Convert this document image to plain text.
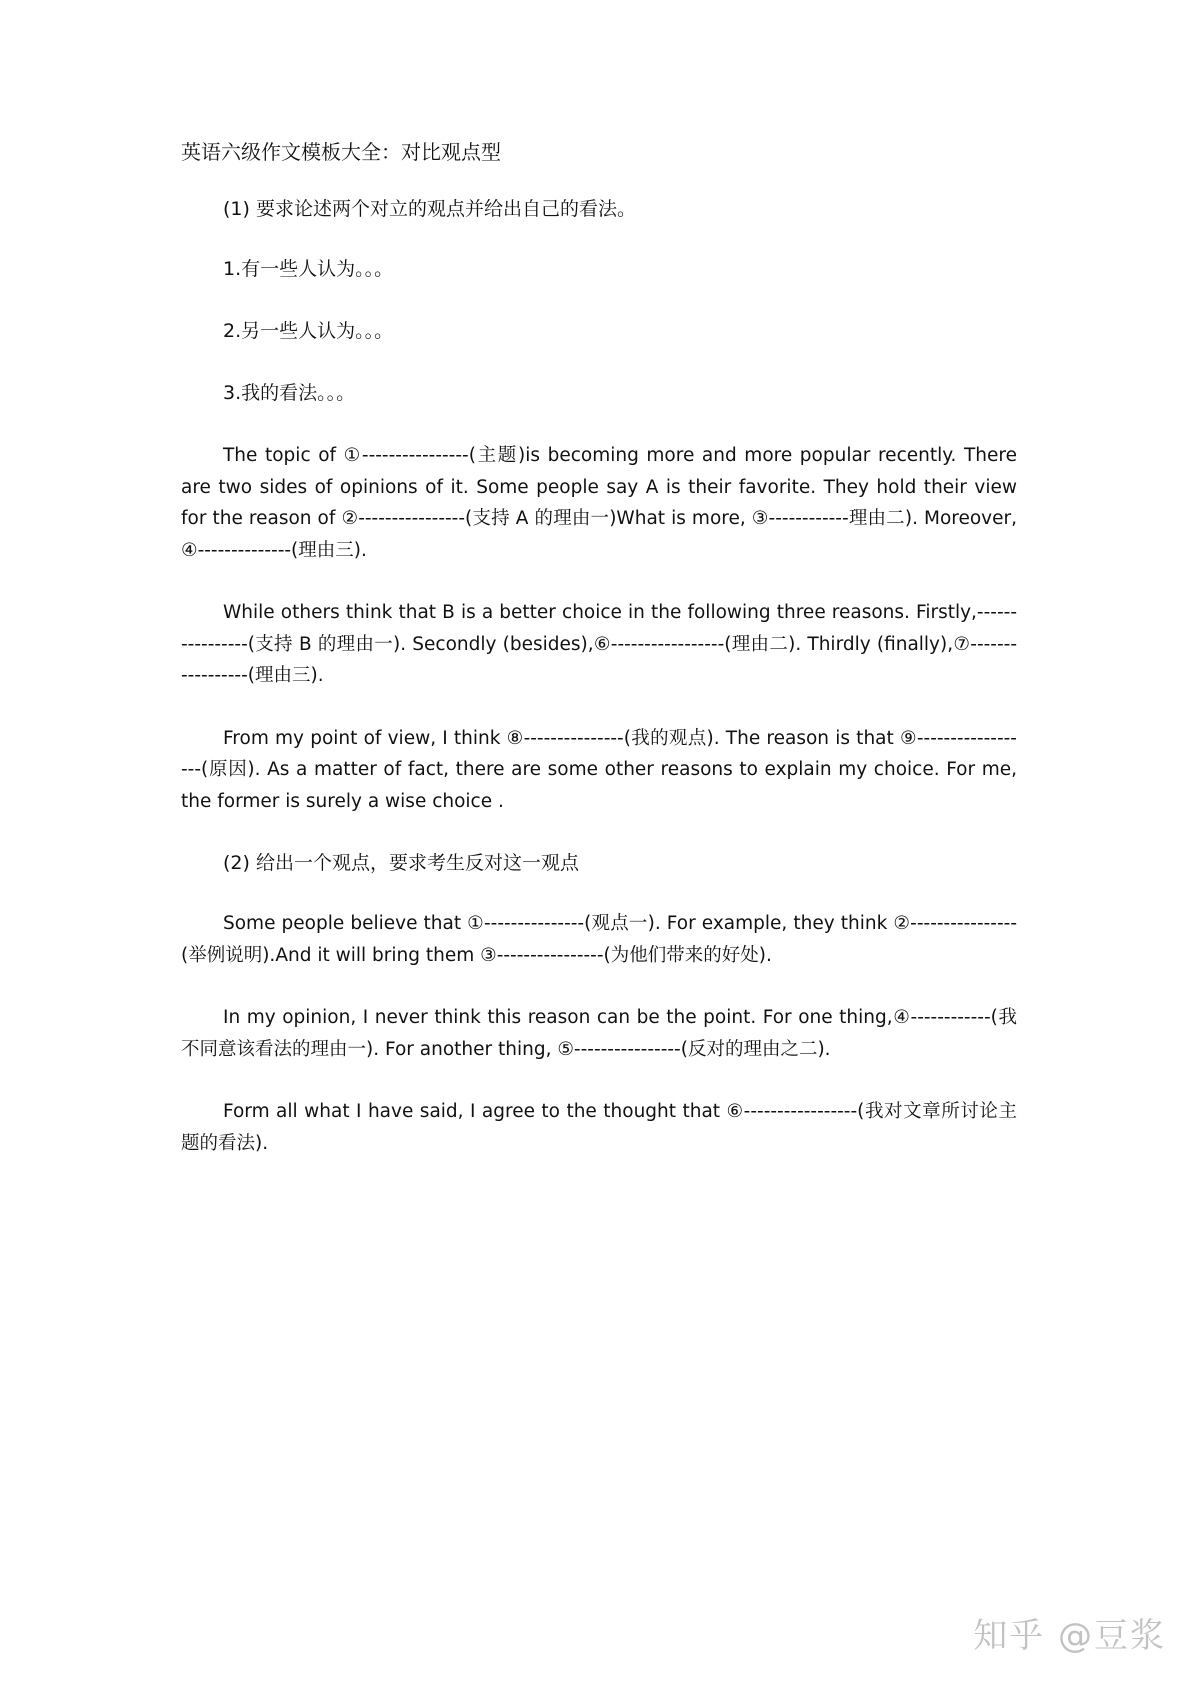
英语六级作文模板大全：对比观点型

(1) 要求论述两个对立的观点并给出自己的看法。

1.有一些人认为。。。

2.另一些人认为。。。

3.我的看法。。。

The topic of ①----------------(主题)is becoming more and more popular recently. There are two sides of opinions of it. Some people say A is their favorite. They hold their view for the reason of ②----------------(支持 A 的理由一)What is more, ③------------理由二). Moreover, ④--------------(理由三).

While others think that B is a better choice in the following three reasons. Firstly,----------------(支持 B 的理由一). Secondly (besides),⑥-----------------(理由二). Thirdly (finally),⑦-----------------(理由三).

From my point of view, I think ⑧---------------(我的观点). The reason is that ⑨------------------(原因). As a matter of fact, there are some other reasons to explain my choice. For me, the former is surely a wise choice .

(2) 给出一个观点，要求考生反对这一观点

Some people believe that ①---------------(观点一). For example, they think ②----------------(举例说明).And it will bring them ③----------------(为他们带来的好处).

In my opinion, I never think this reason can be the point. For one thing,④------------(我不同意该看法的理由一). For another thing, ⑤----------------(反对的理由之二).

Form all what I have said, I agree to the thought that ⑥-----------------(我对文章所讨论主题的看法).

知乎 @豆浆
